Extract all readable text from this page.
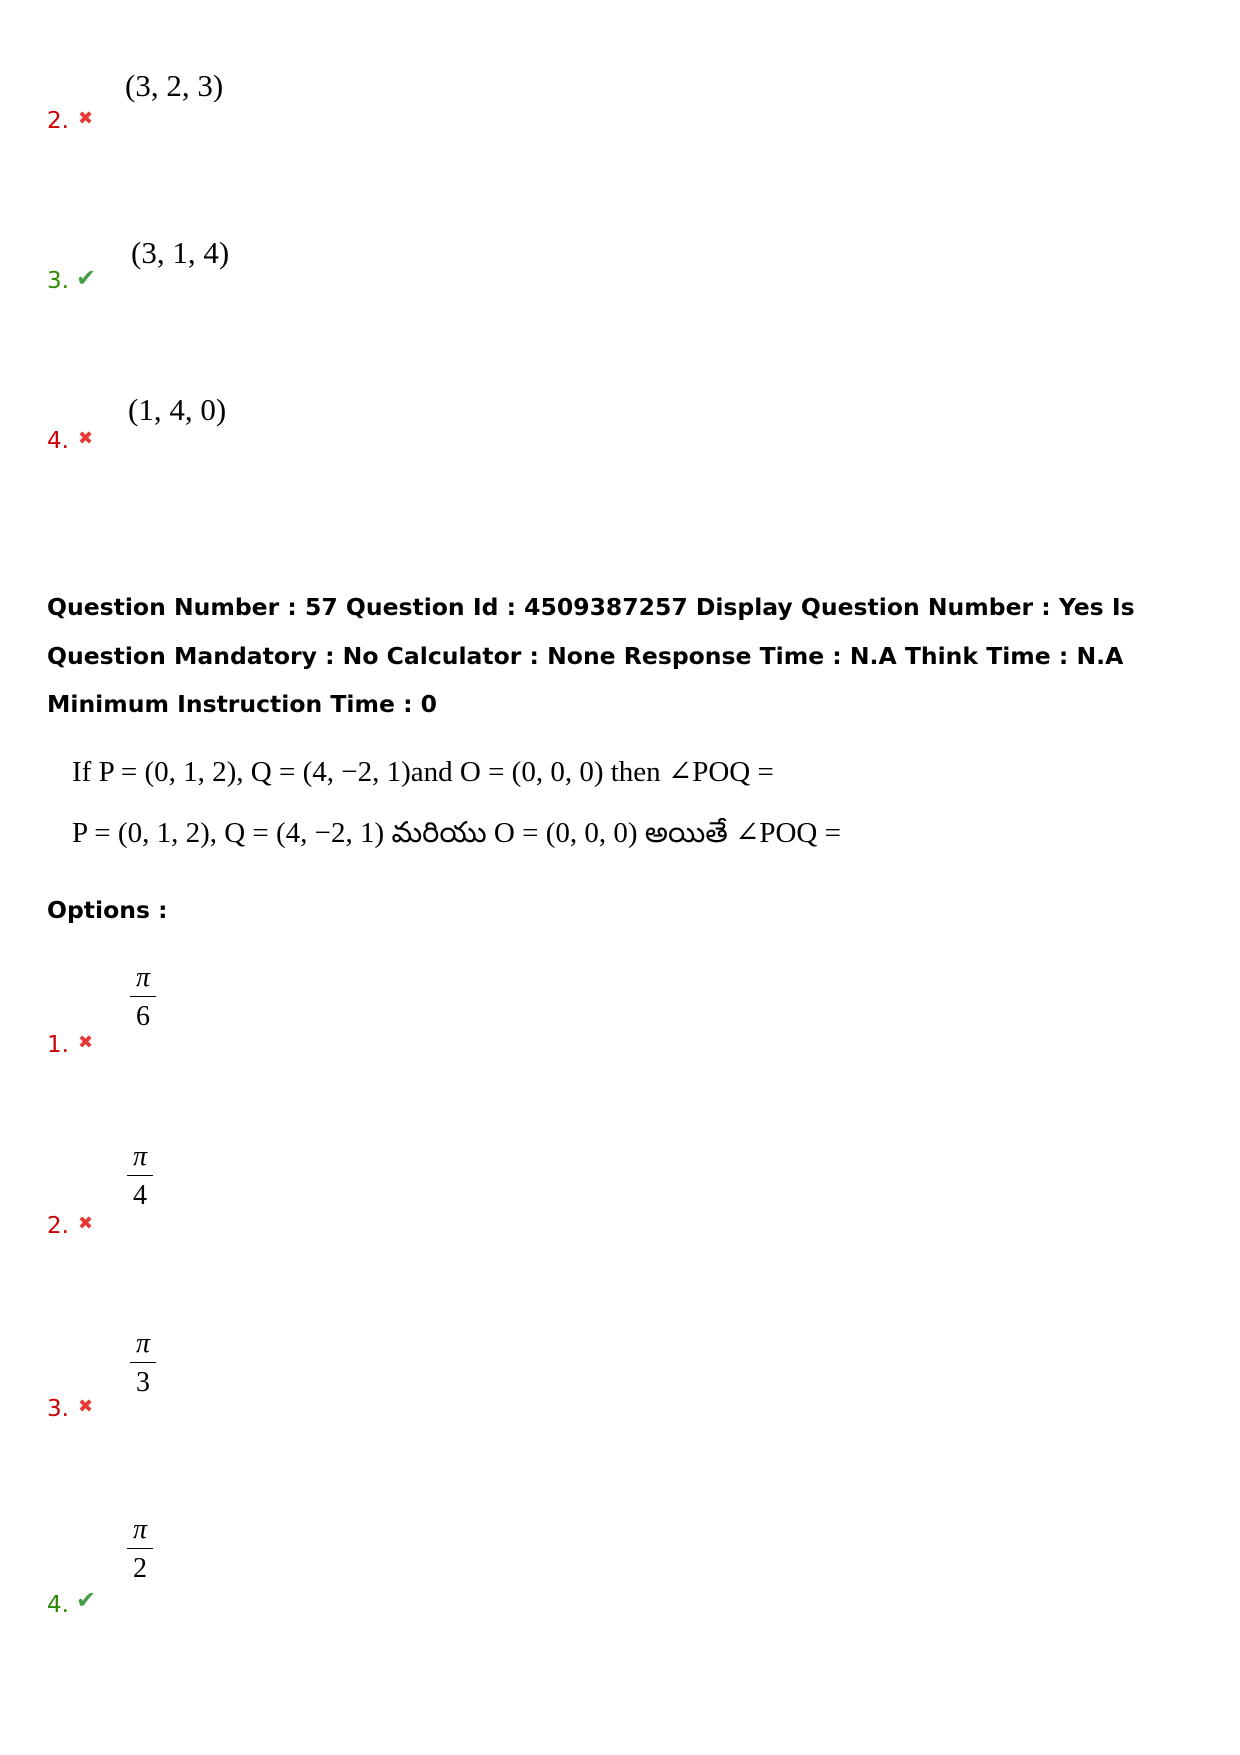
2. ✖
(3, 2, 3)
3. ✔
(3, 1, 4)
4. ✖
(1, 4, 0)
Question Number : 57 Question Id : 4509387257 Display Question Number : Yes Is Question Mandatory : No Calculator : None Response Time : N.A Think Time : N.A Minimum Instruction Time : 0
If P = (0, 1, 2), Q = (4, −2, 1)and O = (0, 0, 0) then ∠POQ =
P = (0, 1, 2), Q = (4, −2, 1) మరియు O = (0, 0, 0) అయితే ∠POQ =
Options :
1. ✖
π
6
2. ✖
π
4
3. ✖
π
3
4. ✔
π
2
